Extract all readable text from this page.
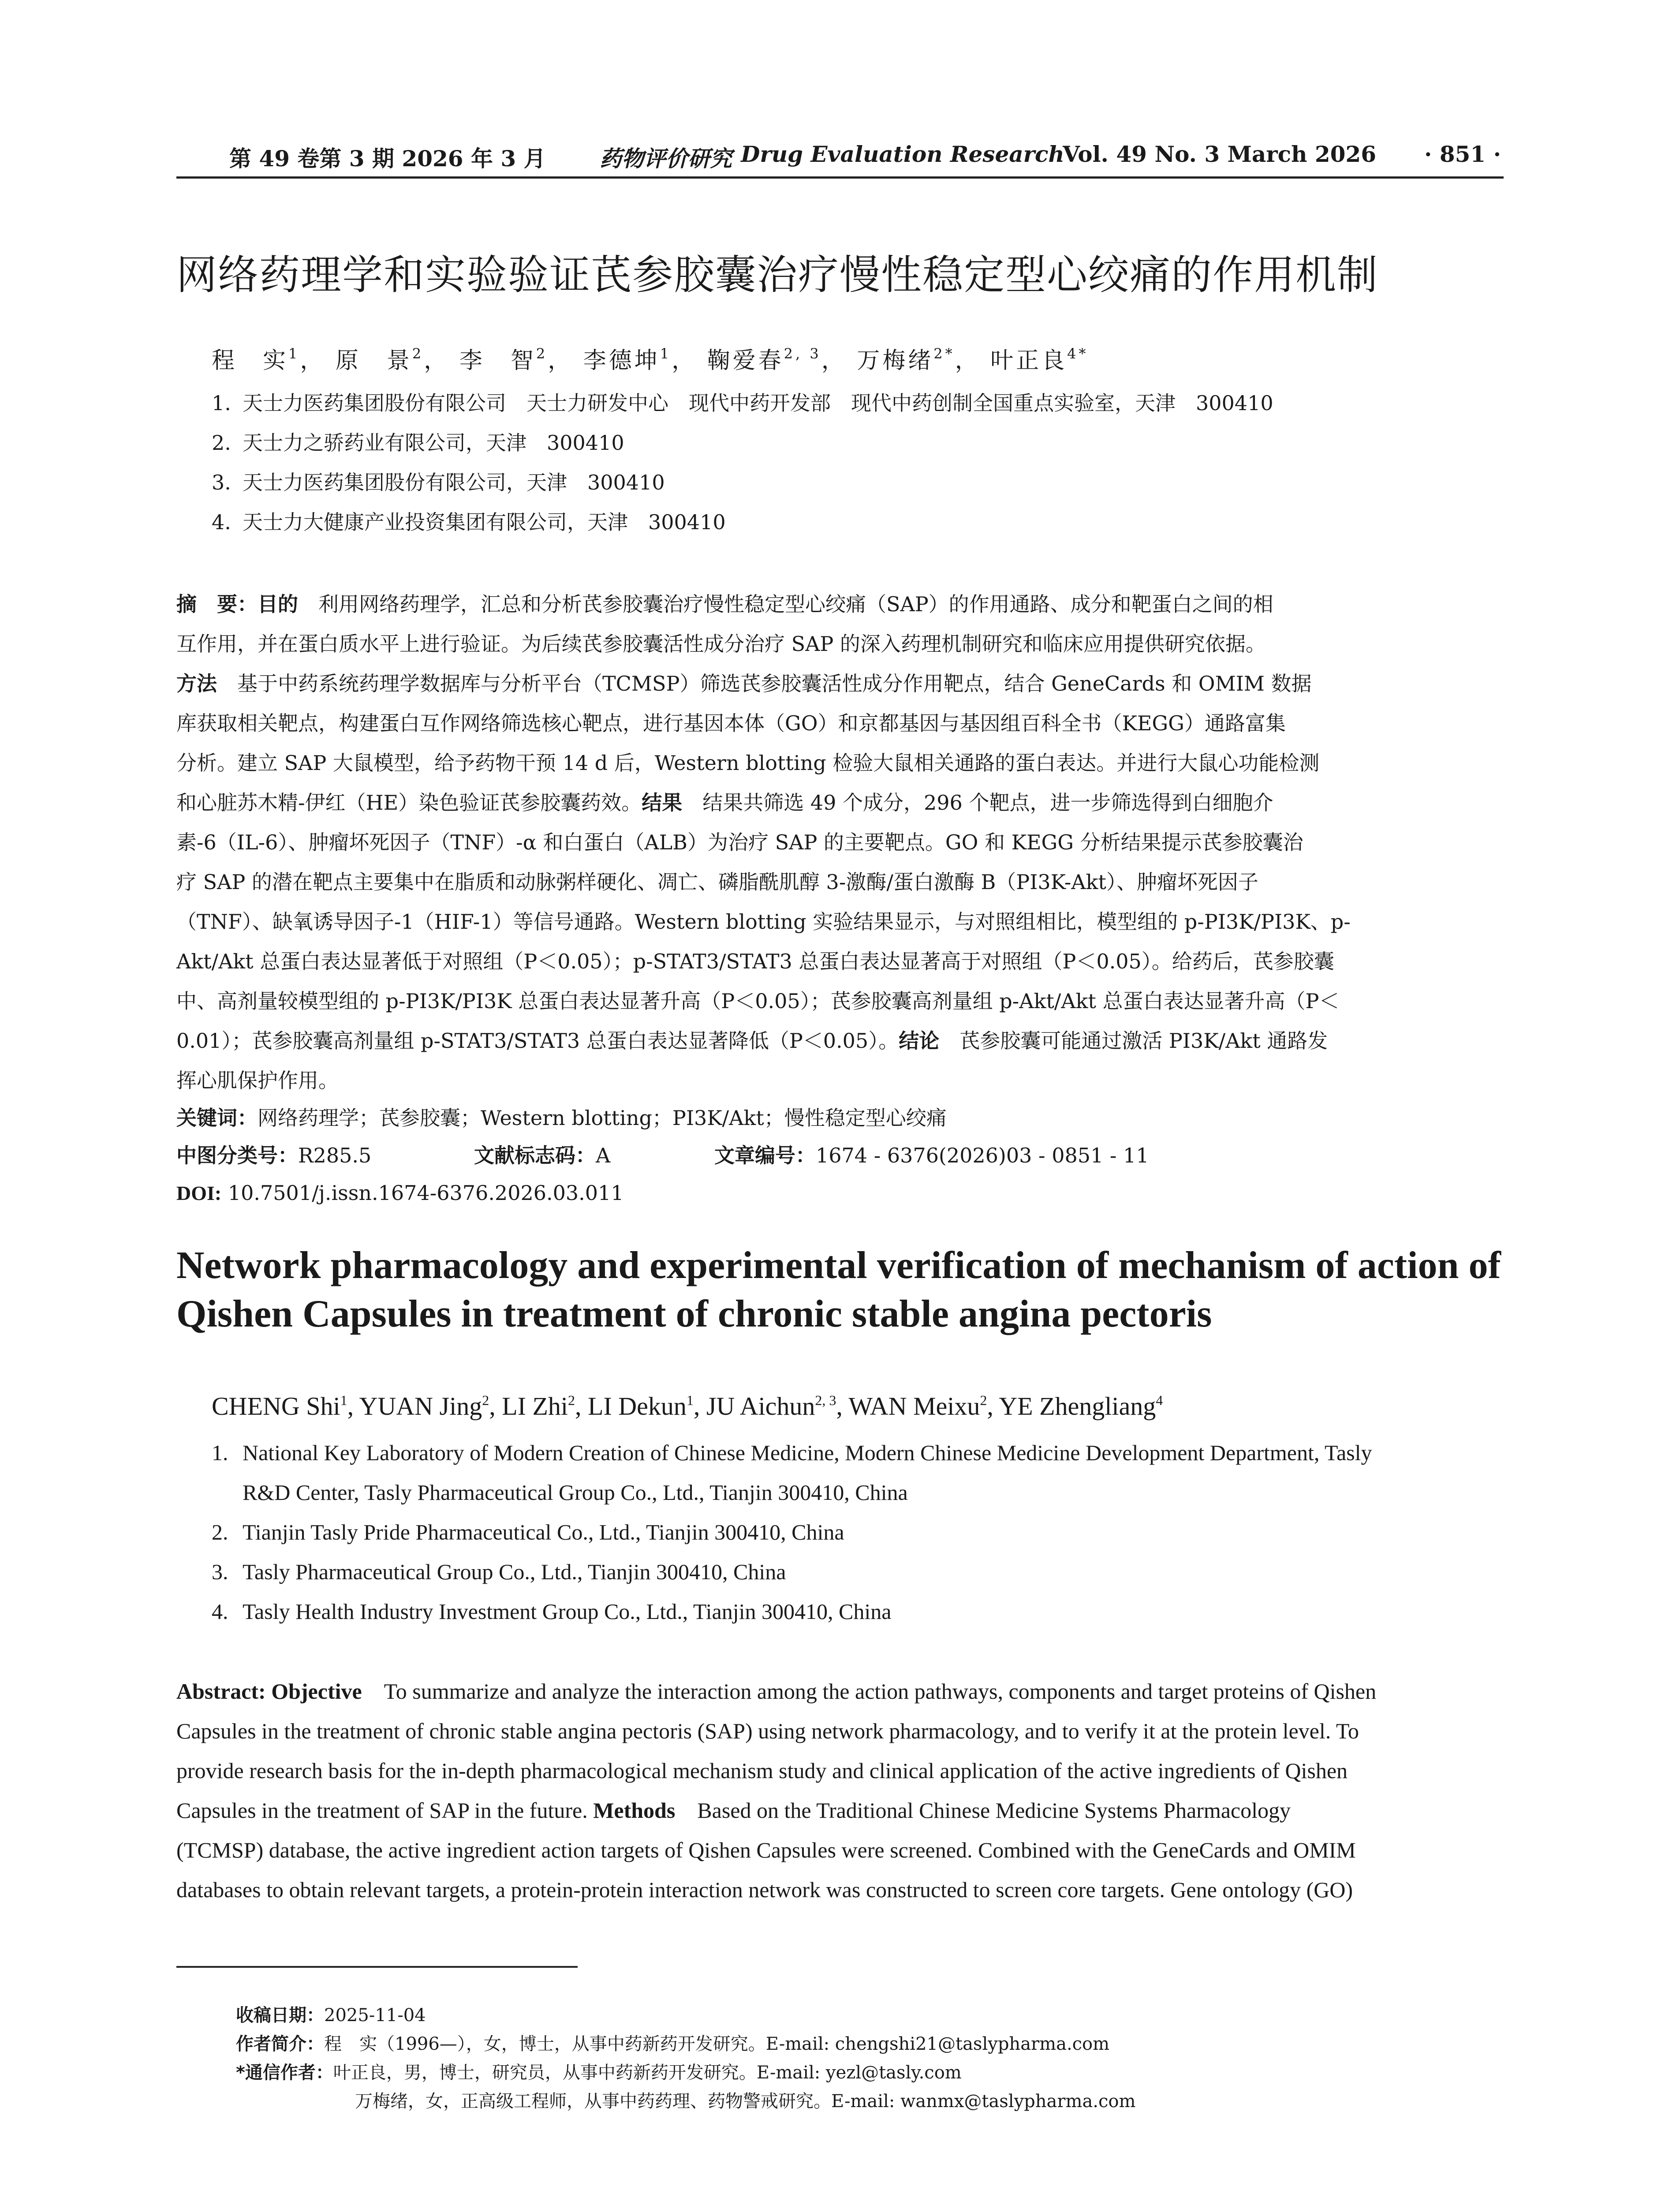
第 49 卷第 3 期 2026 年 3 月 药物评价研究 Drug Evaluation Research
Vol. 49 No. 3 March 2026 · 851 ·
网络药理学和实验验证芪参胶囊治疗慢性稳定型心绞痛的作用机制
程　实$^1$， 原　景$^2$， 李　智$^2$， 李德坤$^1$， 鞠爱春$^{2, 3}$， 万梅绪$^{2*}$， 叶正良$^{4*}$
1. 天士力医药集团股份有限公司　天士力研发中心　现代中药开发部　现代中药创制全国重点实验室，天津　300410
2. 天士力之骄药业有限公司，天津　300410
3. 天士力医药集团股份有限公司，天津　300410
4. 天士力大健康产业投资集团有限公司，天津　300410
摘　要：目的　利用网络药理学，汇总和分析芪参胶囊治疗慢性稳定型心绞痛（SAP）的作用通路、成分和靶蛋白之间的相
互作用，并在蛋白质水平上进行验证。为后续芪参胶囊活性成分治疗 SAP 的深入药理机制研究和临床应用提供研究依据。
方法　基于中药系统药理学数据库与分析平台（TCMSP）筛选芪参胶囊活性成分作用靶点，结合 GeneCards 和 OMIM 数据
库获取相关靶点，构建蛋白互作网络筛选核心靶点，进行基因本体（GO）和京都基因与基因组百科全书（KEGG）通路富集
分析。建立 SAP 大鼠模型，给予药物干预 14 d 后，Western blotting 检验大鼠相关通路的蛋白表达。并进行大鼠心功能检测
和心脏苏木精-伊红（HE）染色验证芪参胶囊药效。结果　结果共筛选 49 个成分，296 个靶点，进一步筛选得到白细胞介
素-6（IL-6）、肿瘤坏死因子（TNF）-α 和白蛋白（ALB）为治疗 SAP 的主要靶点。GO 和 KEGG 分析结果提示芪参胶囊治
疗 SAP 的潜在靶点主要集中在脂质和动脉粥样硬化、凋亡、磷脂酰肌醇 3-激酶/蛋白激酶 B（PI3K-Akt）、肿瘤坏死因子
（TNF）、缺氧诱导因子-1（HIF-1）等信号通路。Western blotting 实验结果显示，与对照组相比，模型组的 p-PI3K/PI3K、p-
Akt/Akt 总蛋白表达显著低于对照组（P＜0.05）；p-STAT3/STAT3 总蛋白表达显著高于对照组（P＜0.05）。给药后，芪参胶囊
中、高剂量较模型组的 p-PI3K/PI3K 总蛋白表达显著升高（P＜0.05）；芪参胶囊高剂量组 p-Akt/Akt 总蛋白表达显著升高（P＜
0.01）；芪参胶囊高剂量组 p-STAT3/STAT3 总蛋白表达显著降低（P＜0.05）。结论　芪参胶囊可能通过激活 PI3K/Akt 通路发
挥心肌保护作用。
关键词：网络药理学；芪参胶囊；Western blotting；PI3K/Akt；慢性稳定型心绞痛
中图分类号：R285.5	文献标志码：A	文章编号：1674 - 6376(2026)03 - 0851 - 11
DOI: 10.7501/j.issn.1674-6376.2026.03.011
Network pharmacology and experimental verification of mechanism of action of Qishen Capsules in treatment of chronic stable angina pectoris
CHENG Shi$^1$, YUAN Jing$^2$, LI Zhi$^2$, LI Dekun$^1$, JU Aichun$^{2, 3}$, WAN Meixu$^2$, YE Zhengliang$^4$
1. National Key Laboratory of Modern Creation of Chinese Medicine, Modern Chinese Medicine Development Department, Tasly
R&D Center, Tasly Pharmaceutical Group Co., Ltd., Tianjin 300410, China
2. Tianjin Tasly Pride Pharmaceutical Co., Ltd., Tianjin 300410, China
3. Tasly Pharmaceutical Group Co., Ltd., Tianjin 300410, China
4. Tasly Health Industry Investment Group Co., Ltd., Tianjin 300410, China
Abstract: Objective　To summarize and analyze the interaction among the action pathways, components and target proteins of Qishen
Capsules in the treatment of chronic stable angina pectoris (SAP) using network pharmacology, and to verify it at the protein level. To
provide research basis for the in-depth pharmacological mechanism study and clinical application of the active ingredients of Qishen
Capsules in the treatment of SAP in the future. Methods　Based on the Traditional Chinese Medicine Systems Pharmacology
(TCMSP) database, the active ingredient action targets of Qishen Capsules were screened. Combined with the GeneCards and OMIM
databases to obtain relevant targets, a protein-protein interaction network was constructed to screen core targets. Gene ontology (GO)
收稿日期：2025-11-04
作者简介：程　实（1996—），女，博士，从事中药新药开发研究。E-mail: chengshi21@taslypharma.com
*通信作者：叶正良，男，博士，研究员，从事中药新药开发研究。E-mail: yezl@tasly.com
万梅绪，女，正高级工程师，从事中药药理、药物警戒研究。E-mail: wanmx@taslypharma.com
